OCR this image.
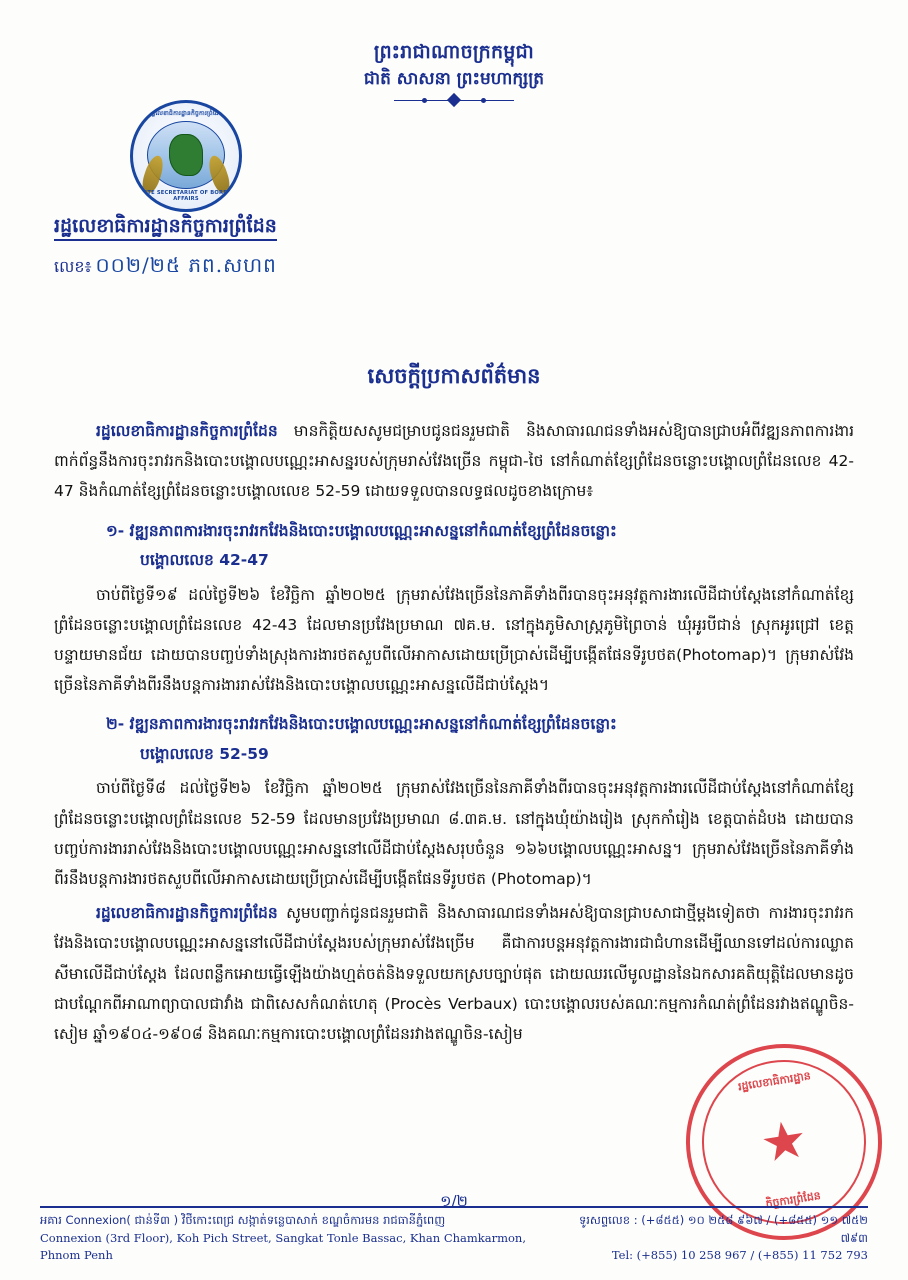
ព្រះរាជាណាចក្រកម្ពុជា
ជាតិ សាសនា ព្រះមហាក្សត្រ
រដ្ឋលេខាធិការដ្ឋានកិច្ចការព្រំដែន
STATE SECRETARIAT OF BORDER AFFAIRS
រដ្ឋលេខាធិការដ្ឋានកិច្ចការព្រំដែន
លេខ៖ ០០២/២៥ ភព.សហព
សេចក្តីប្រកាសព័ត៌មាន
រដ្ឋលេខាធិការដ្ឋានកិច្ចការព្រំដែន មានកិត្តិយសសូមជម្រាបជូនជនរួមជាតិ និងសាធារណជនទាំងអស់ឱ្យបានជ្រាបអំពីវឌ្ឍនភាពការងារពាក់ព័ន្ធនឹងការចុះរាវរកនិងបោះបង្គោលបណ្ណេះអាសន្នរបស់ក្រុមរាស់វែងច្រើន កម្ពុជា-ថៃ នៅកំណាត់ខ្សែព្រំដែនចន្លោះបង្គោលព្រំដែនលេខ 42-47 និងកំណាត់ខ្សែព្រំដែនចន្លោះបង្គោលលេខ 52-59 ដោយទទួលបានលទ្ធផលដូចខាងក្រោម៖
១- វឌ្ឍនភាពការងារចុះរាវរកវែងនិងបោះបង្គោលបណ្ណេះអាសន្ននៅកំណាត់ខ្សែព្រំដែនចន្លោះ
បង្គោលលេខ 42-47
ចាប់ពីថ្ងៃទី១៩ ដល់ថ្ងៃទី២៦ ខែវិច្ឆិកា ឆ្នាំ២០២៥ ក្រុមរាស់វែងច្រើននៃភាគីទាំងពីរបានចុះអនុវត្តការងារលើដីជាប់ស្តែងនៅកំណាត់ខ្សែព្រំដែនចន្លោះបង្គោលព្រំដែនលេខ 42-43 ដែលមានប្រវែងប្រមាណ ៧គ.ម. នៅក្នុងភូមិសាស្ត្រភូមិព្រៃចាន់ ឃុំអូរបីជាន់ ស្រុកអូរជ្រៅ ខេត្តបន្ទាយមានជ័យ ដោយបានបញ្ចប់ទាំងស្រុងការងារថតសួបពីលើអាកាសដោយប្រើប្រាស់ដើម្បីបង្កើតផែនទីរូបថត(Photomap)។ ក្រុមរាស់វែងច្រើននៃភាគីទាំងពីរនឹងបន្តការងាររាស់វែងនិងបោះបង្គោលបណ្ណេះអាសន្នលើដីជាប់ស្តែង។
២- វឌ្ឍនភាពការងារចុះរាវរកវែងនិងបោះបង្គោលបណ្ណេះអាសន្ននៅកំណាត់ខ្សែព្រំដែនចន្លោះ
បង្គោលលេខ 52-59
ចាប់ពីថ្ងៃទី៨ ដល់ថ្ងៃទី២៦ ខែវិច្ឆិកា ឆ្នាំ២០២៥ ក្រុមរាស់វែងច្រើននៃភាគីទាំងពីរបានចុះអនុវត្តការងារលើដីជាប់ស្តែងនៅកំណាត់ខ្សែព្រំដែនចន្លោះបង្គោលព្រំដែនលេខ 52-59 ដែលមានប្រវែងប្រមាណ ៨.៣គ.ម. នៅក្នុងឃុំយ៉ាងរៀង ស្រុកកាំរៀង ខេត្តបាត់ដំបង ដោយបានបញ្ចប់ការងាររាស់វែងនិងបោះបង្គោលបណ្ណេះអាសន្ននៅលើដីជាប់ស្តែងសរុបចំនួន ១៦៦បង្គោលបណ្ណេះអាសន្ន។ ក្រុមរាស់វែងច្រើននៃភាគីទាំងពីរនឹងបន្តការងារថតសួបពីលើអាកាសដោយប្រើប្រាស់ដើម្បីបង្កើតផែនទីរូបថត (Photomap)។
រដ្ឋលេខាធិការដ្ឋានកិច្ចការព្រំដែន សូមបញ្ជាក់ជូនជនរួមជាតិ និងសាធារណជនទាំងអស់ឱ្យបានជ្រាបសាជាថ្មីម្តងទៀតថា ការងារចុះរាវរកវែងនិងបោះបង្គោលបណ្ណេះអាសន្ននៅលើដីជាប់ស្តែងរបស់ក្រុមរាស់វែងច្រើម គឺជាការបន្តអនុវត្តការងារជាជំហានដើម្បីឈានទៅដល់ការឈ្លាតសីមាលើដីជាប់ស្តែង ដែលពន្លឹកអោយធ្វើឡើងយ៉ាងហ្មត់ចត់និងទទួលយកស្របច្បាប់ផុត ដោយឈរលើមូលដ្ឋាននៃឯកសារគតិយុត្តិដែលមានដូចជាបណ្តែកពីអាណាព្យាបាលជាវាំង ជាពិសេសកំណត់ហេតុ (Procès Verbaux) បោះបង្គោលរបស់គណៈកម្មការកំណត់ព្រំដែនរវាងឥណ្ឌូចិន-សៀម ឆ្នាំ១៩០៤-១៩០៨ និងគណៈកម្មការបោះបង្គោលព្រំដែនរវាងឥណ្ឌូចិន-សៀម
រដ្ឋលេខាធិការដ្ឋាន
★
កិច្ចការព្រំដែន
១/២
អគារ Connexion( ជាន់ទី៣ ) វិថីកោះពេជ្រ សង្កាត់ទន្លេបាសាក់ ខណ្ឌចំការមន រាជធានីភ្នំពេញ
Connexion (3rd Floor), Koh Pich Street, Sangkat Tonle Bassac, Khan Chamkarmon, Phnom Penh
ទូរសព្ទលេខ : (+៨៥៥) ១០ ២៥៨ ៩៦៧ / (+៨៥៥) ១១ ៧៥២ ៧៩៣
Tel: (+855) 10 258 967 / (+855) 11 752 793
